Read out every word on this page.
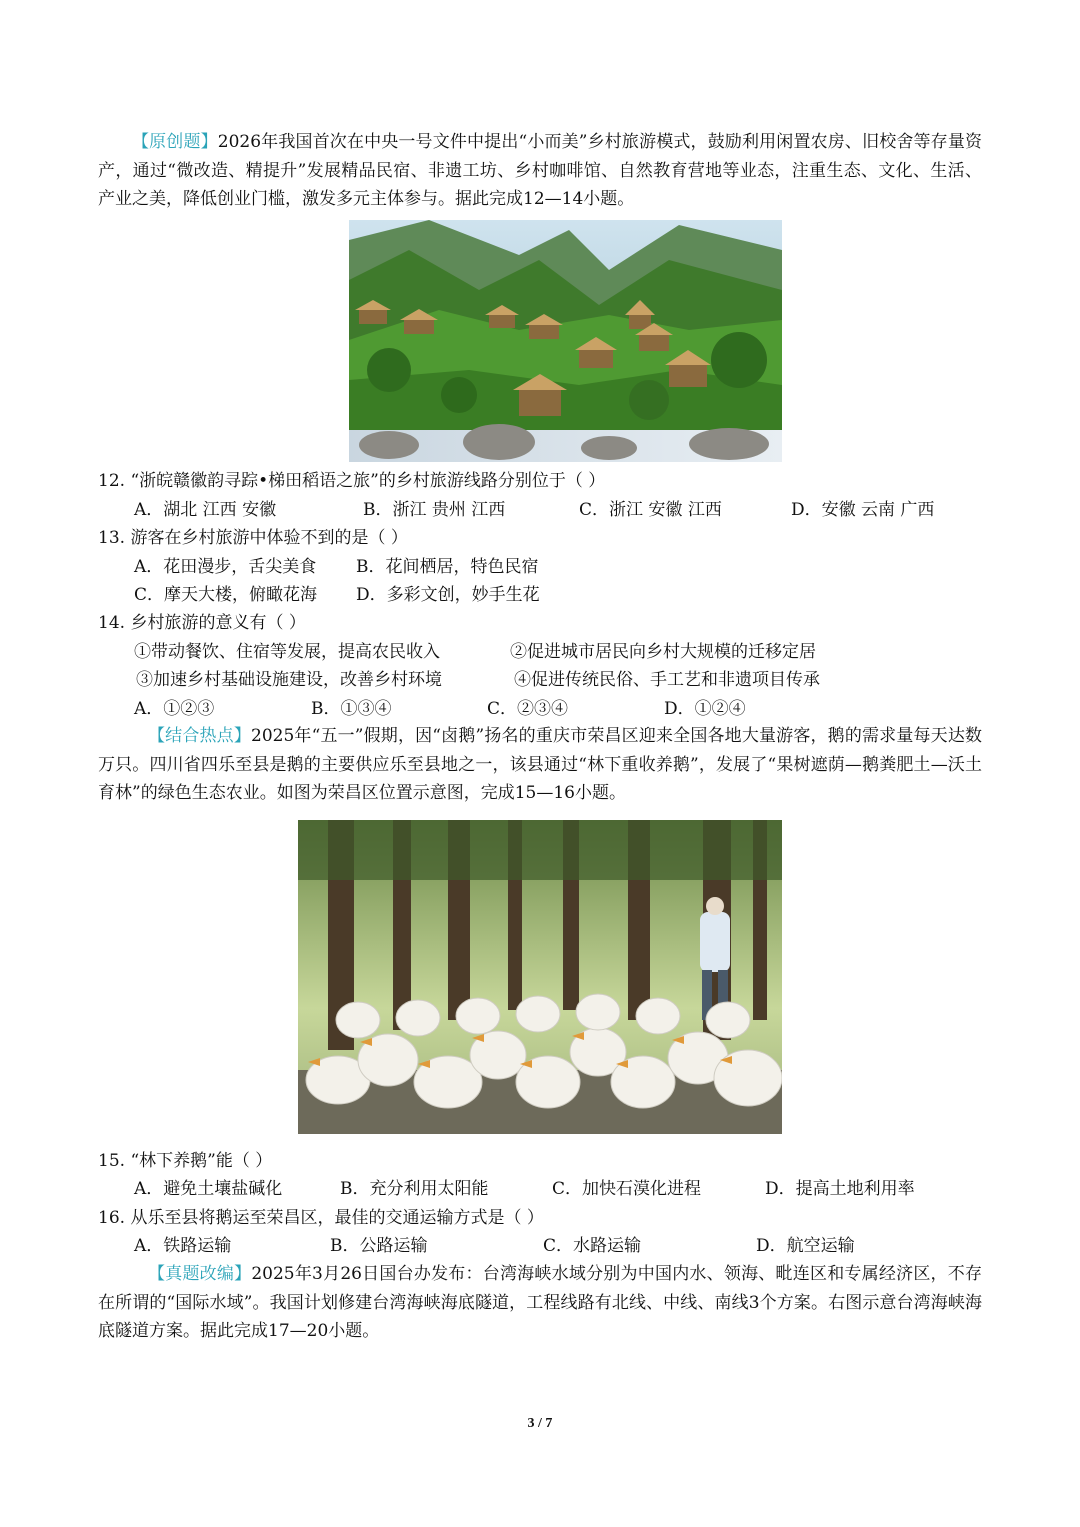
【原创题】2026年我国首次在中央一号文件中提出“小而美”乡村旅游模式，鼓励利用闲置农房、旧校舍等存量资产，通过“微改造、精提升”发展精品民宿、非遗工坊、乡村咖啡馆、自然教育营地等业态，注重生态、文化、生活、产业之美，降低创业门槛，激发多元主体参与。据此完成12—14小题。
12. “浙皖赣徽韵寻踪•梯田稻语之旅”的乡村旅游线路分别位于（ ）
A．湖北 江西 安徽	B．浙江 贵州 江西	C．浙江 安徽 江西	D．安徽 云南 广西
13. 游客在乡村旅游中体验不到的是（ ）
A．花田漫步，舌尖美食 B．花间栖居，特色民宿
C．摩天大楼，俯瞰花海 D．多彩文创，妙手生花
14. 乡村旅游的意义有（ ）
①带动餐饮、住宿等发展，提高农民收入	②促进城市居民向乡村大规模的迁移定居
③加速乡村基础设施建设，改善乡村环境	④促进传统民俗、手工艺和非遗项目传承
A．①②③	B．①③④	C．②③④	D．①②④
【结合热点】2025年“五一”假期，因“卤鹅”扬名的重庆市荣昌区迎来全国各地大量游客，鹅的需求量每天达数万只。四川省四乐至县是鹅的主要供应乐至县地之一，该县通过“林下重收养鹅”，发展了“果树遮荫—鹅粪肥土—沃土育林”的绿色生态农业。如图为荣昌区位置示意图，完成15—16小题。
15. “林下养鹅”能（ ）
A．避免土壤盐碱化	B．充分利用太阳能	C．加快石漠化进程	D．提高土地利用率
16. 从乐至县将鹅运至荣昌区，最佳的交通运输方式是（ ）
A．铁路运输	B．公路运输	C．水路运输	D．航空运输
【真题改编】2025年3月26日国台办发布：台湾海峡水域分别为中国内水、领海、毗连区和专属经济区，不存在所谓的“国际水域”。我国计划修建台湾海峡海底隧道，工程线路有北线、中线、南线3个方案。右图示意台湾海峡海底隧道方案。据此完成17—20小题。
3 / 7
